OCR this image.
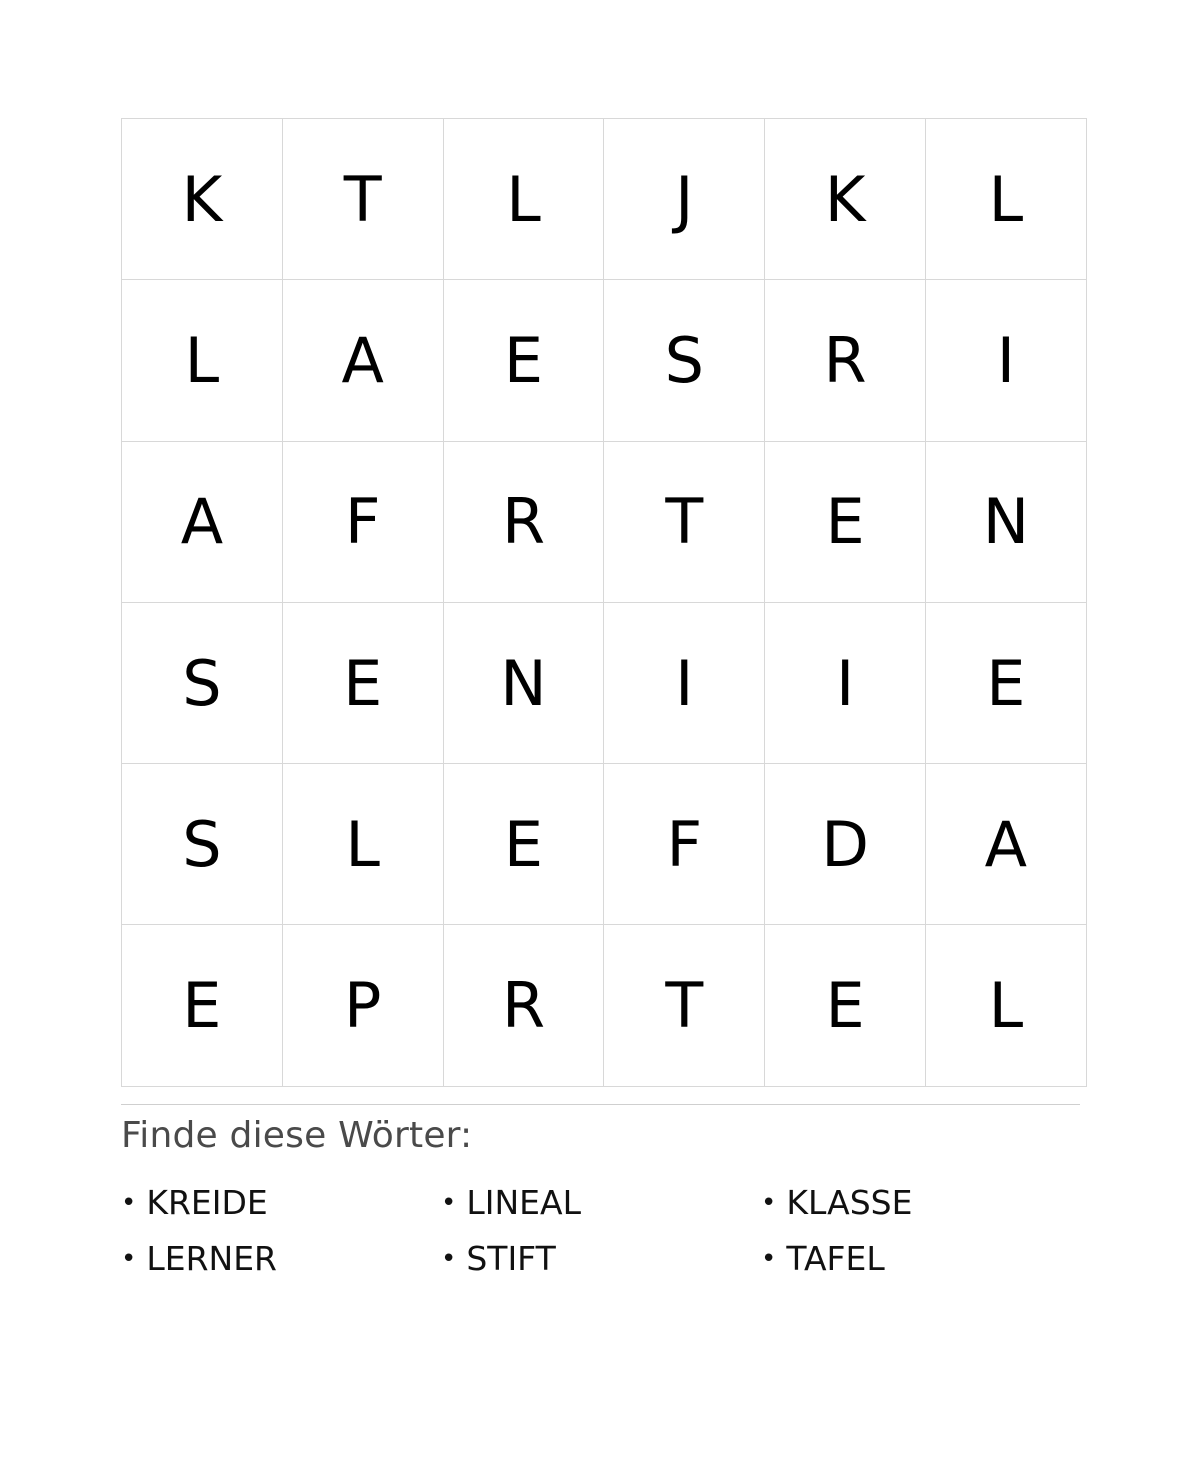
K	T	L	J	K	L
L	A	E	S	R	I
A	F	R	T	E	N
S	E	N	I	I	E
S	L	E	F	D	A
E	P	R	T	E	L
Finde diese Wörter:
• KREIDE	• LINEAL	• KLASSE
• LERNER	• STIFT	• TAFEL
